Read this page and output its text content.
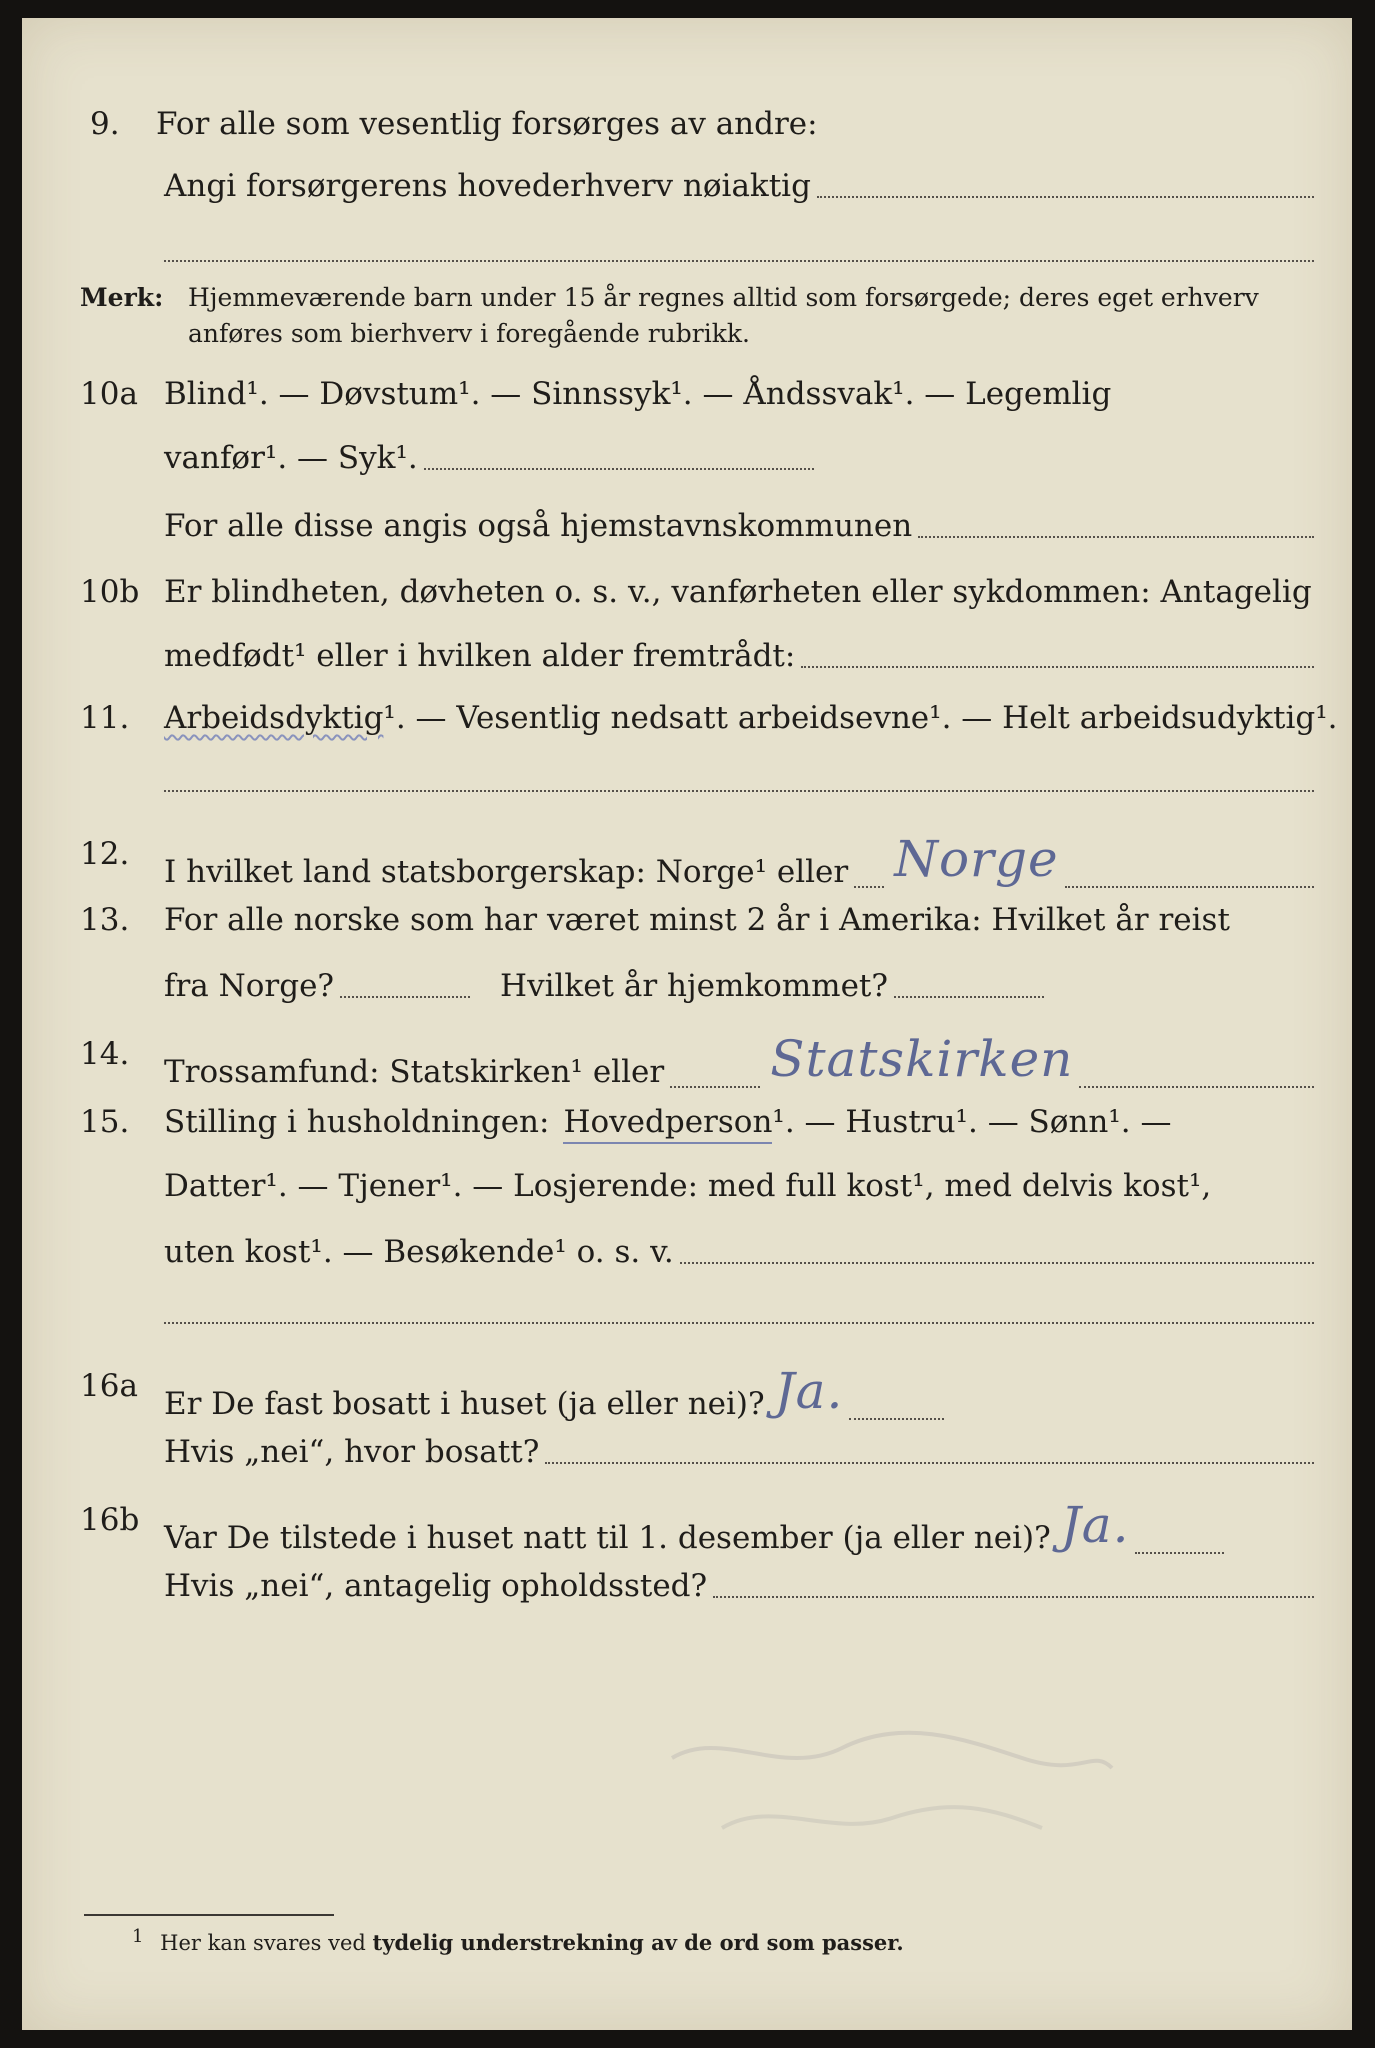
9. For alle som vesentlig forsørges av andre:
Angi forsørgerens hovederhverv nøiaktig
Merk: Hjemmeværende barn under 15 år regnes alltid som forsørgede; deres eget erhverv
anføres som bierhverv i foregående rubrikk.
10a Blind¹. — Døvstum¹. — Sinnssyk¹. — Åndssvak¹. — Legemlig
vanfør¹. — Syk¹.
For alle disse angis også hjemstavnskommunen
10b Er blindheten, døvheten o. s. v., vanførheten eller sykdommen: Antagelig
medfødt¹ eller i hvilken alder fremtrådt:
11. Arbeidsdyktig ¹. — Vesentlig nedsatt arbeidsevne¹. — Helt arbeidsudyktig¹.
12. I hvilket land statsborgerskap: Norge¹ eller Norge
13. For alle norske som har været minst 2 år i Amerika: Hvilket år reist
fra Norge?	Hvilket år hjemkommet?
14. Trossamfund: Statskirken¹ eller Statskirken
15. Stilling i husholdningen: Hovedperson ¹. — Hustru¹. — Sønn¹. —
Datter¹. — Tjener¹. — Losjerende: med full kost¹, med delvis kost¹,
uten kost¹. — Besøkende¹ o. s. v.
16a Er De fast bosatt i huset (ja eller nei)? Ja.
Hvis „nei“, hvor bosatt?
16b Var De tilstede i huset natt til 1. desember (ja eller nei)? Ja.
Hvis „nei“, antagelig opholdssted?
1 Her kan svares ved tydelig understrekning av de ord som passer.
